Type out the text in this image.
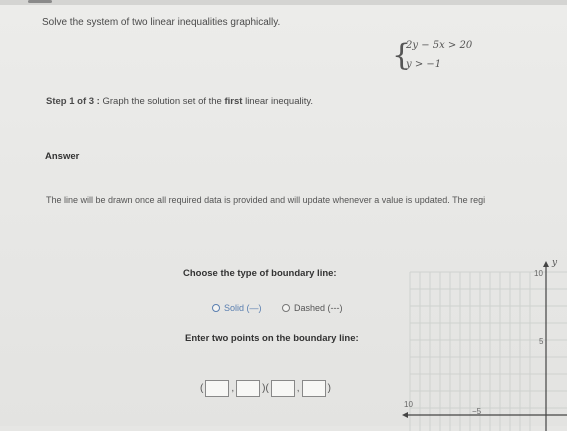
Solve the system of two linear inequalities graphically.
{
2y − 5x > 20
y > −1
Step 1 of 3 : Graph the solution set of the first linear inequality.
Answer
The line will be drawn once all required data is provided and will update whenever a value is updated. The regi
Choose the type of boundary line:
Solid (—)	Dashed (---)
Enter two points on the boundary line:
(	,	)(	,	)
y
10
5
10
−5
